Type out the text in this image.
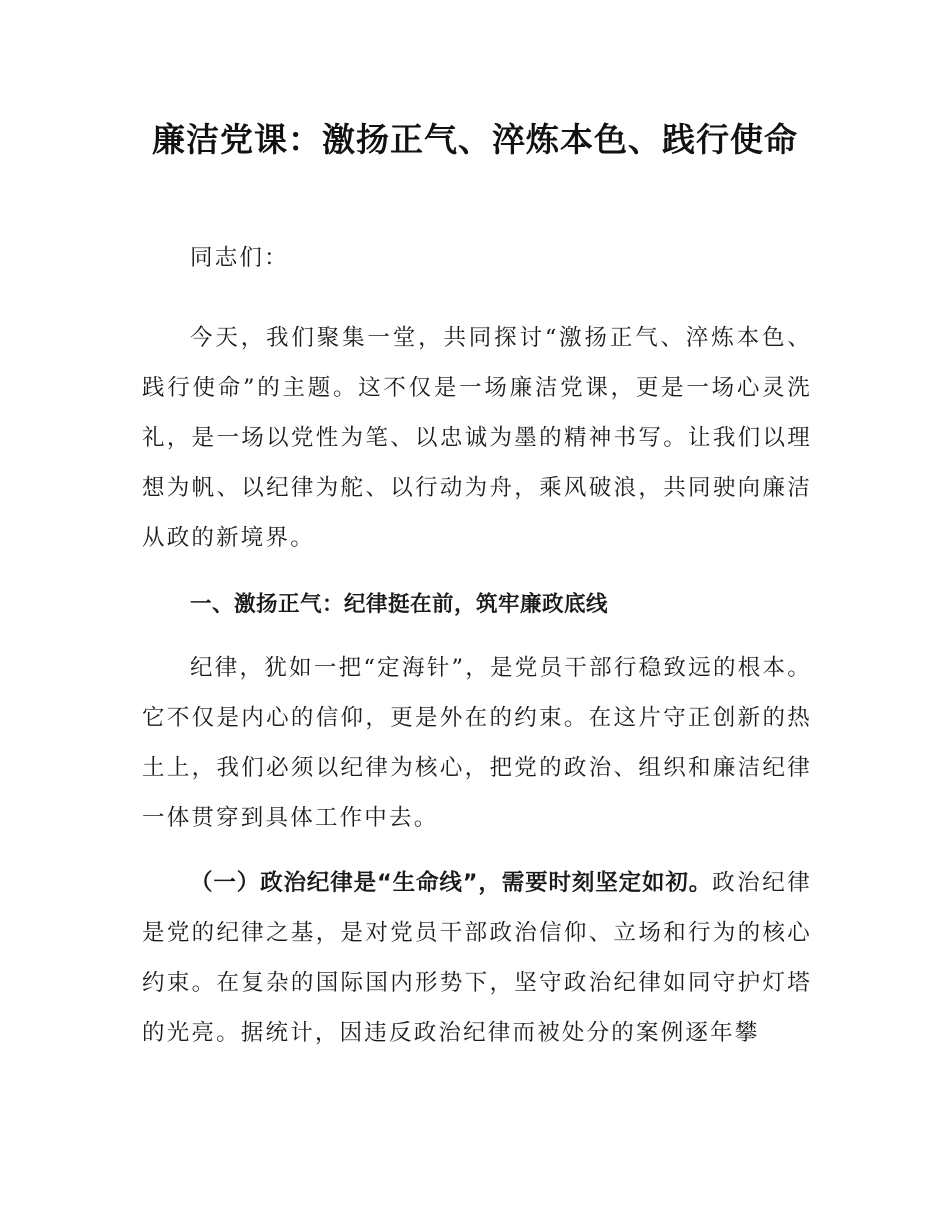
廉洁党课：激扬正气、淬炼本色、践行使命

同志们：

今天，我们聚集一堂，共同探讨“激扬正气、淬炼本色、践行使命”的主题。这不仅是一场廉洁党课，更是一场心灵洗礼，是一场以党性为笔、以忠诚为墨的精神书写。让我们以理想为帆、以纪律为舵、以行动为舟，乘风破浪，共同驶向廉洁从政的新境界。

一、激扬正气：纪律挺在前，筑牢廉政底线

纪律，犹如一把“定海针”，是党员干部行稳致远的根本。它不仅是内心的信仰，更是外在的约束。在这片守正创新的热土上，我们必须以纪律为核心，把党的政治、组织和廉洁纪律一体贯穿到具体工作中去。

（一）政治纪律是“生命线”，需要时刻坚定如初。政治纪律是党的纪律之基，是对党员干部政治信仰、立场和行为的核心约束。在复杂的国际国内形势下，坚守政治纪律如同守护灯塔的光亮。据统计，因违反政治纪律而被处分的案例逐年攀
